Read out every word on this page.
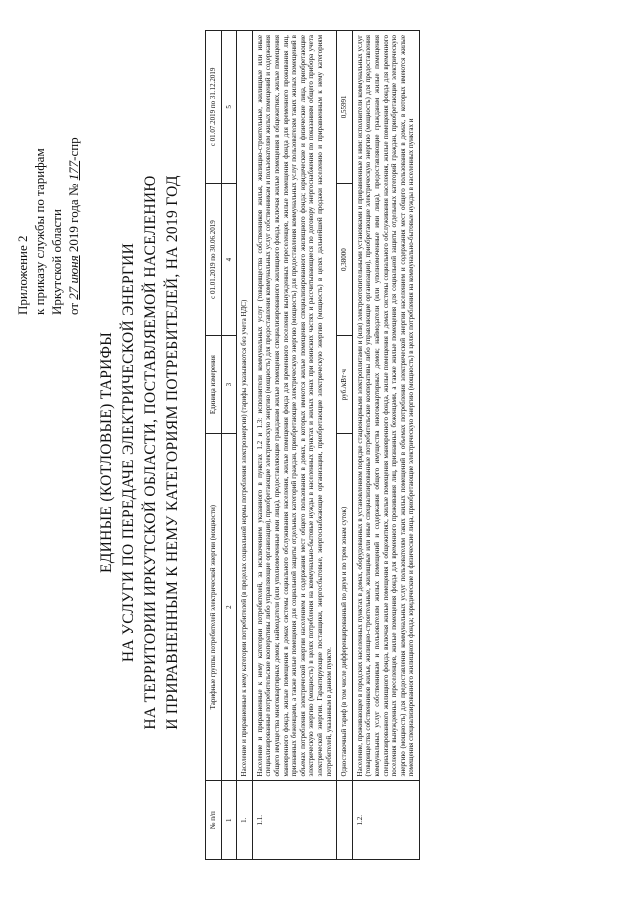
Приложение 2 к приказу службы по тарифам Иркутской области от 27 июня 2019 года № 177-спр
ЕДИНЫЕ (КОТЛОВЫЕ) ТАРИФЫ НА УСЛУГИ ПО ПЕРЕДАЧЕ ЭЛЕКТРИЧЕСКОЙ ЭНЕРГИИ НА ТЕРРИТОРИИ ИРКУТСКОЙ ОБЛАСТИ, ПОСТАВЛЯЕМОЙ НАСЕЛЕНИЮ И ПРИРАВНЕННЫМ К НЕМУ КАТЕГОРИЯМ ПОТРЕБИТЕЛЕЙ, НА 2019 ГОД
№ п/п	Тарифные группы потребителей электрической энергии (мощности)	Единица измерения	с 01.01.2019 по 30.06.2019	с 01.07.2019 по 31.12.2019
1	2	3	4	5
1.	Население и приравненные к нему категории потребителей (в пределах социальной нормы потребления электроэнергии) (тарифы указываются без учета НДС)			
1.1.	Население и приравненные к нему категории потребителей, за исключением указанного в пунктах 1.2 и 1.3: исполнители коммунальных услуг (товарищества собственников жилья, жилищно-строительные, жилищные или иные специализированные потребительские кооперативы либо управляющие организации), приобретающие электрическую энергию (мощность) для предоставления коммунальных услуг собственникам и пользователям жилых помещений и содержания общего имущества многоквартирных домов; наймодатели (или уполномоченные ими лица), предоставляющие гражданам жилые помещения специализированного жилищного фонда, включая жилые помещения в общежитиях, жилые помещения маневренного фонда, жилые помещения в домах системы социального обслуживания населения, жилые помещения фонда для временного поселения вынужденных переселенцев, жилые помещения фонда для временного проживания лиц, признанных беженцами, а также жилые помещения для социальной защиты отдельных категорий граждан, приобретающие электрическую энергию (мощность) для предоставления коммунальных услуг пользователям таких жилых помещений в объемах потребления электрической энергии населением и содержания мест общего пользования в домах, в которых имеются жилые помещения специализированного жилищного фонда; юридические и физические лица, приобретающие электрическую энергию (мощность) в целях потребления на коммунально-бытовые нужды в населенных пунктах и жилых зонах при воинских частях и рассчитывающиеся по договору энергоснабжения по показаниям общего прибора учета электрической энергии. Гарантирующие поставщики, энергосбытовые, энергоснабжающие организации, приобретающие электрическую энергию (мощность) в целях дальнейшей продажи населению и приравненным к нему категориям потребителей, указанным в данном пункте.			
	Одноставочный тариф (в том числе дифференцированный по двум и по трем зонам суток)	руб./кВт·ч	0,38000	0,55991
1.2.	Население, проживающее в городских населенных пунктах в домах, оборудованных в установленном порядке стационарными электроплитами и (или) электроотопительными установками и приравненные к ним: исполнители коммунальных услуг (товарищества собственников жилья, жилищно-строительные, жилищные или иные специализированные потребительские кооперативы либо управляющие организации), приобретающие электрическую энергию (мощность) для предоставления коммунальных услуг собственникам и пользователям жилых помещений и содержания общего имущества многоквартирных домов; наймодатели (или уполномоченные ими лица), предоставляющие гражданам жилые помещения специализированного жилищного фонда, включая жилые помещения в общежитиях, жилые помещения маневренного фонда, жилые помещения в домах системы социального обслуживания населения, жилые помещения фонда для временного поселения вынужденных переселенцев, жилые помещения фонда для временного проживания лиц, признанных беженцами, а также жилые помещения для социальной защиты отдельных категорий граждан, приобретающие электрическую энергию (мощность) для предоставления коммунальных услуг пользователям таких жилых помещений в объемах потребления электрической энергии населением и содержания мест общего пользования в домах, в которых имеются жилые помещения специализированного жилищного фонда; юридические и физические лица, приобретающие электрическую энергию (мощность) в целях потребления на коммунально-бытовые нужды в населенных пунктах и			
